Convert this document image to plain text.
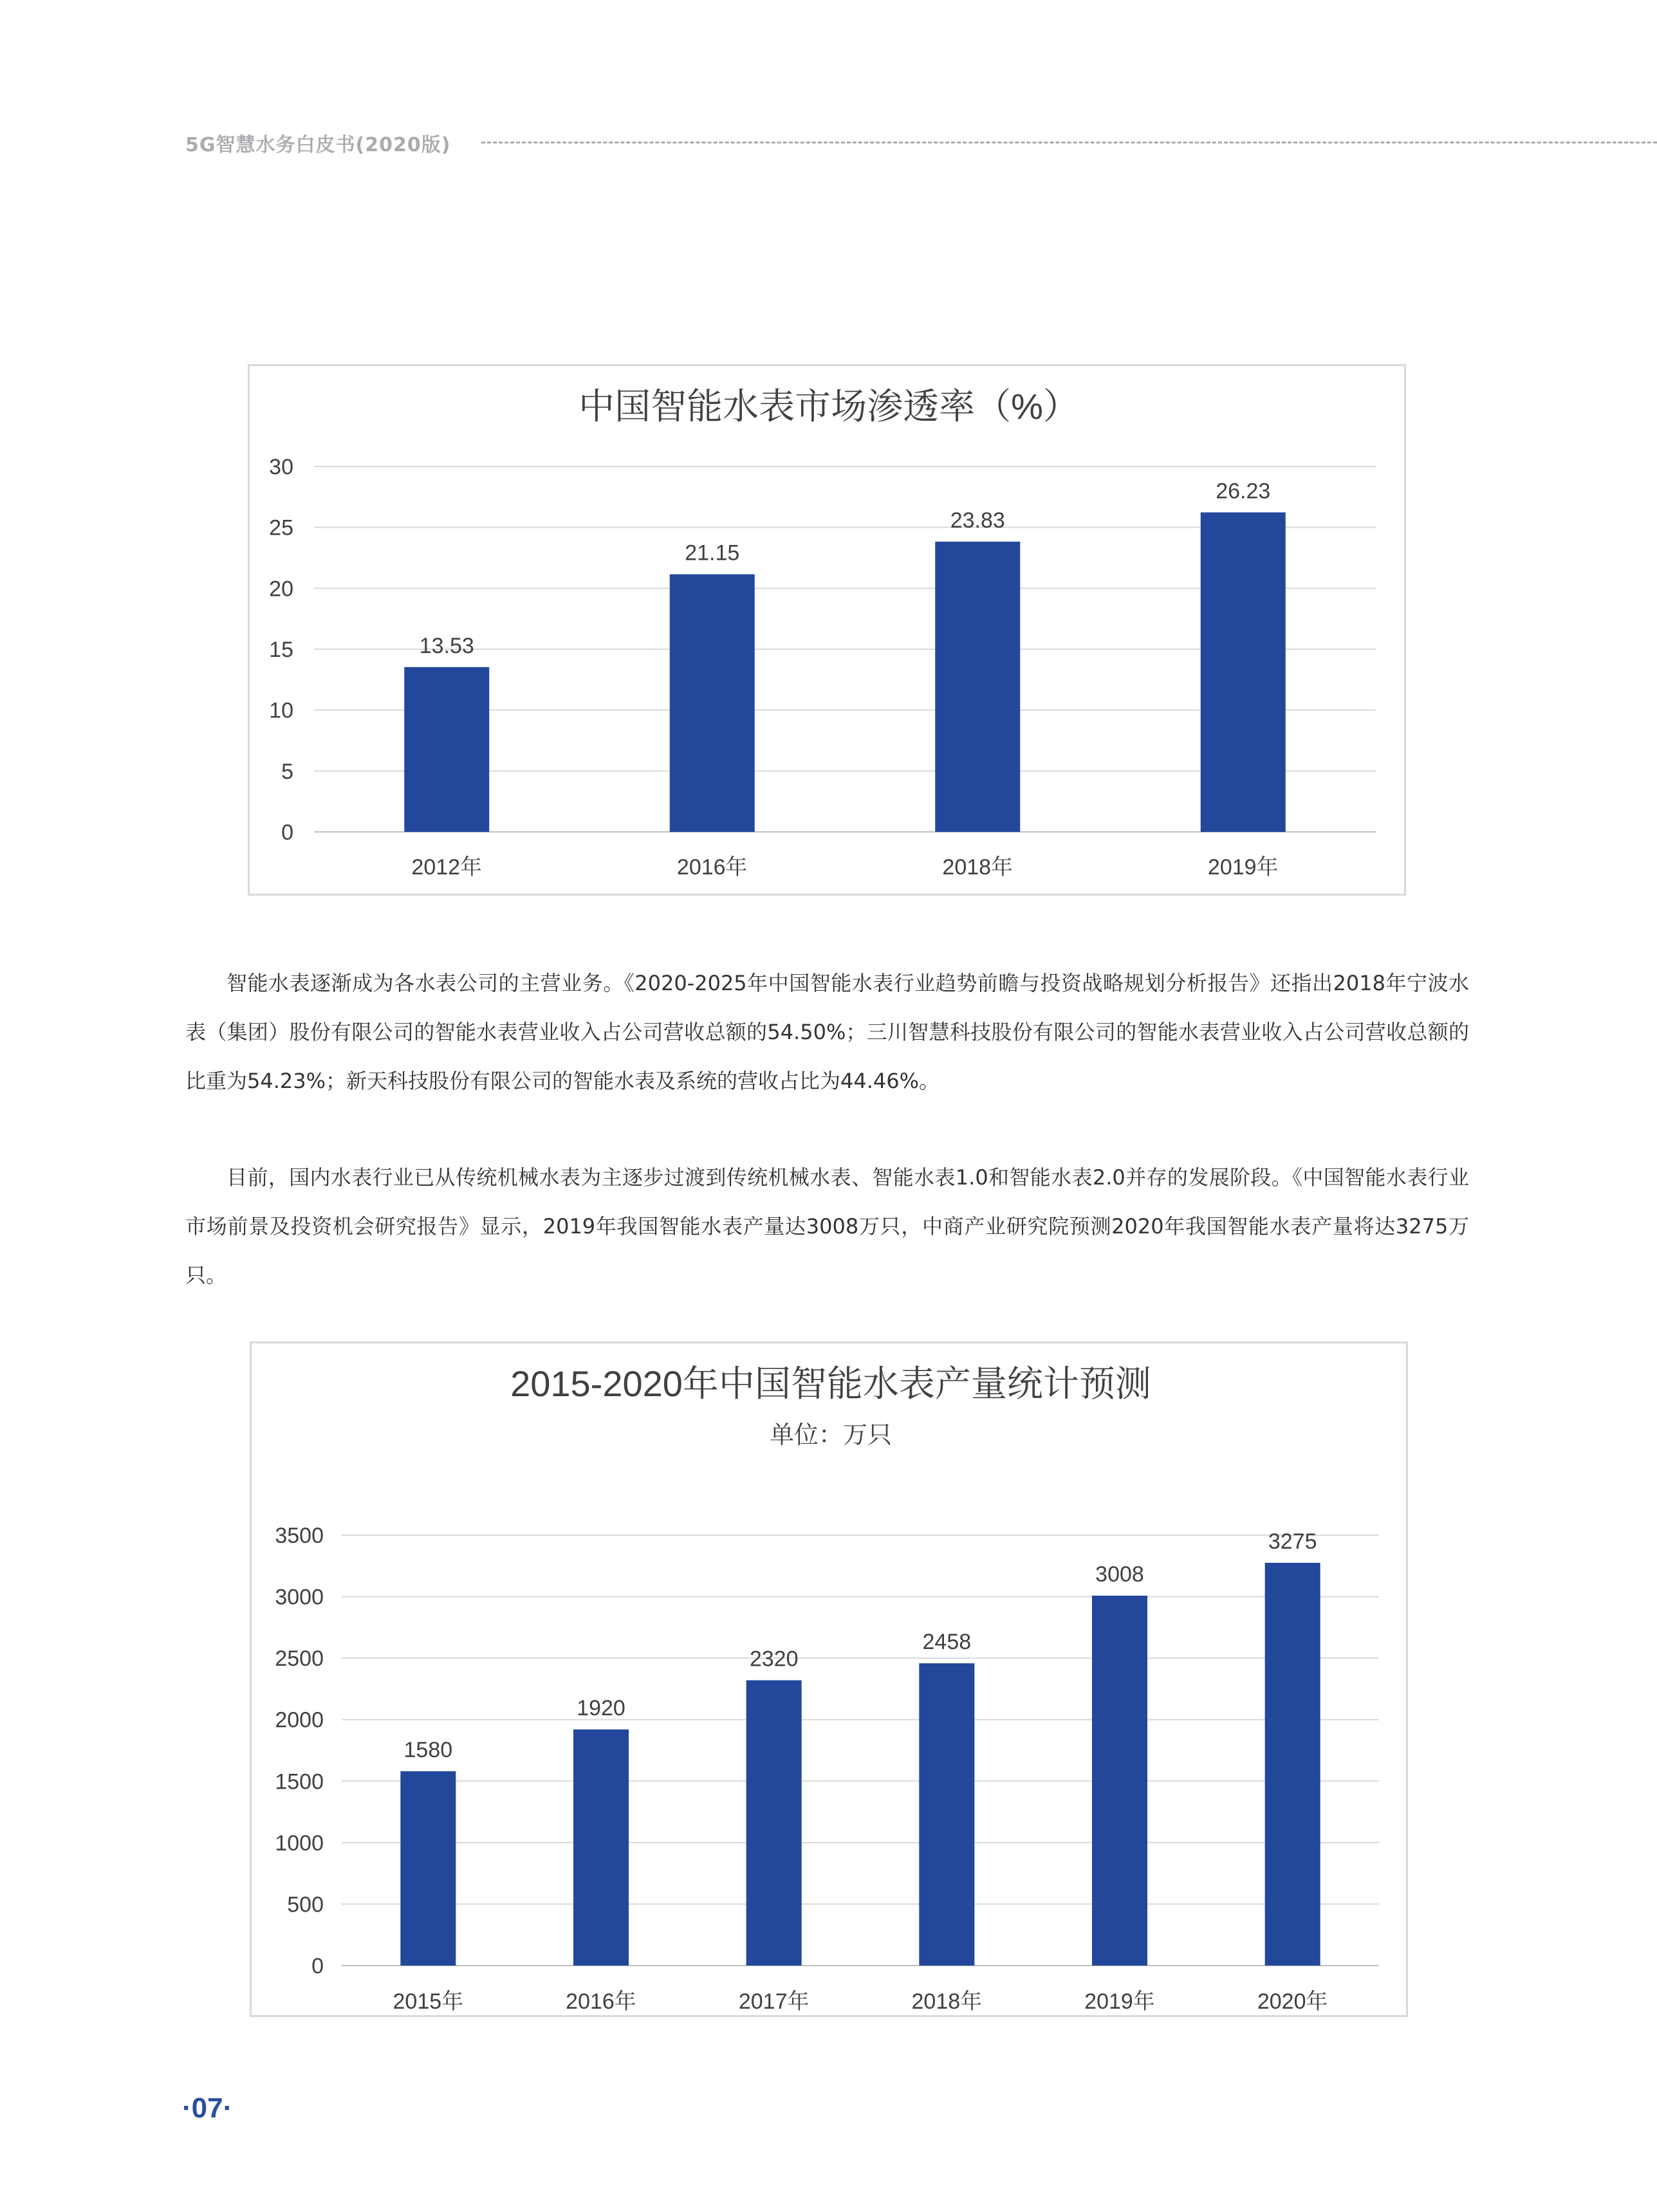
5G智慧水务白皮书(2020版)
中国智能水表市场渗透率（%）
0
5
10
15
20
25
30
13.53
2012年
21.15
2016年
23.83
2018年
26.23
2019年
智能水表逐渐成为各水表公司的主营业务。《2020-2025年中国智能水表行业趋势前瞻与投资战略规划分析报告》还指出2018年宁波水表（集团）股份有限公司的智能水表营业收入占公司营收总额的54.50%；三川智慧科技股份有限公司的智能水表营业收入占公司营收总额的比重为54.23%；新天科技股份有限公司的智能水表及系统的营收占比为44.46%。
目前，国内水表行业已从传统机械水表为主逐步过渡到传统机械水表、智能水表1.0和智能水表2.0并存的发展阶段。《中国智能水表行业市场前景及投资机会研究报告》显示，2019年我国智能水表产量达3008万只，中商产业研究院预测2020年我国智能水表产量将达3275万只。
2015-2020年中国智能水表产量统计预测
单位：万只
0
500
1000
1500
2000
2500
3000
3500
1580
2015年
1920
2016年
2320
2017年
2458
2018年
3008
2019年
3275
2020年
·07·
